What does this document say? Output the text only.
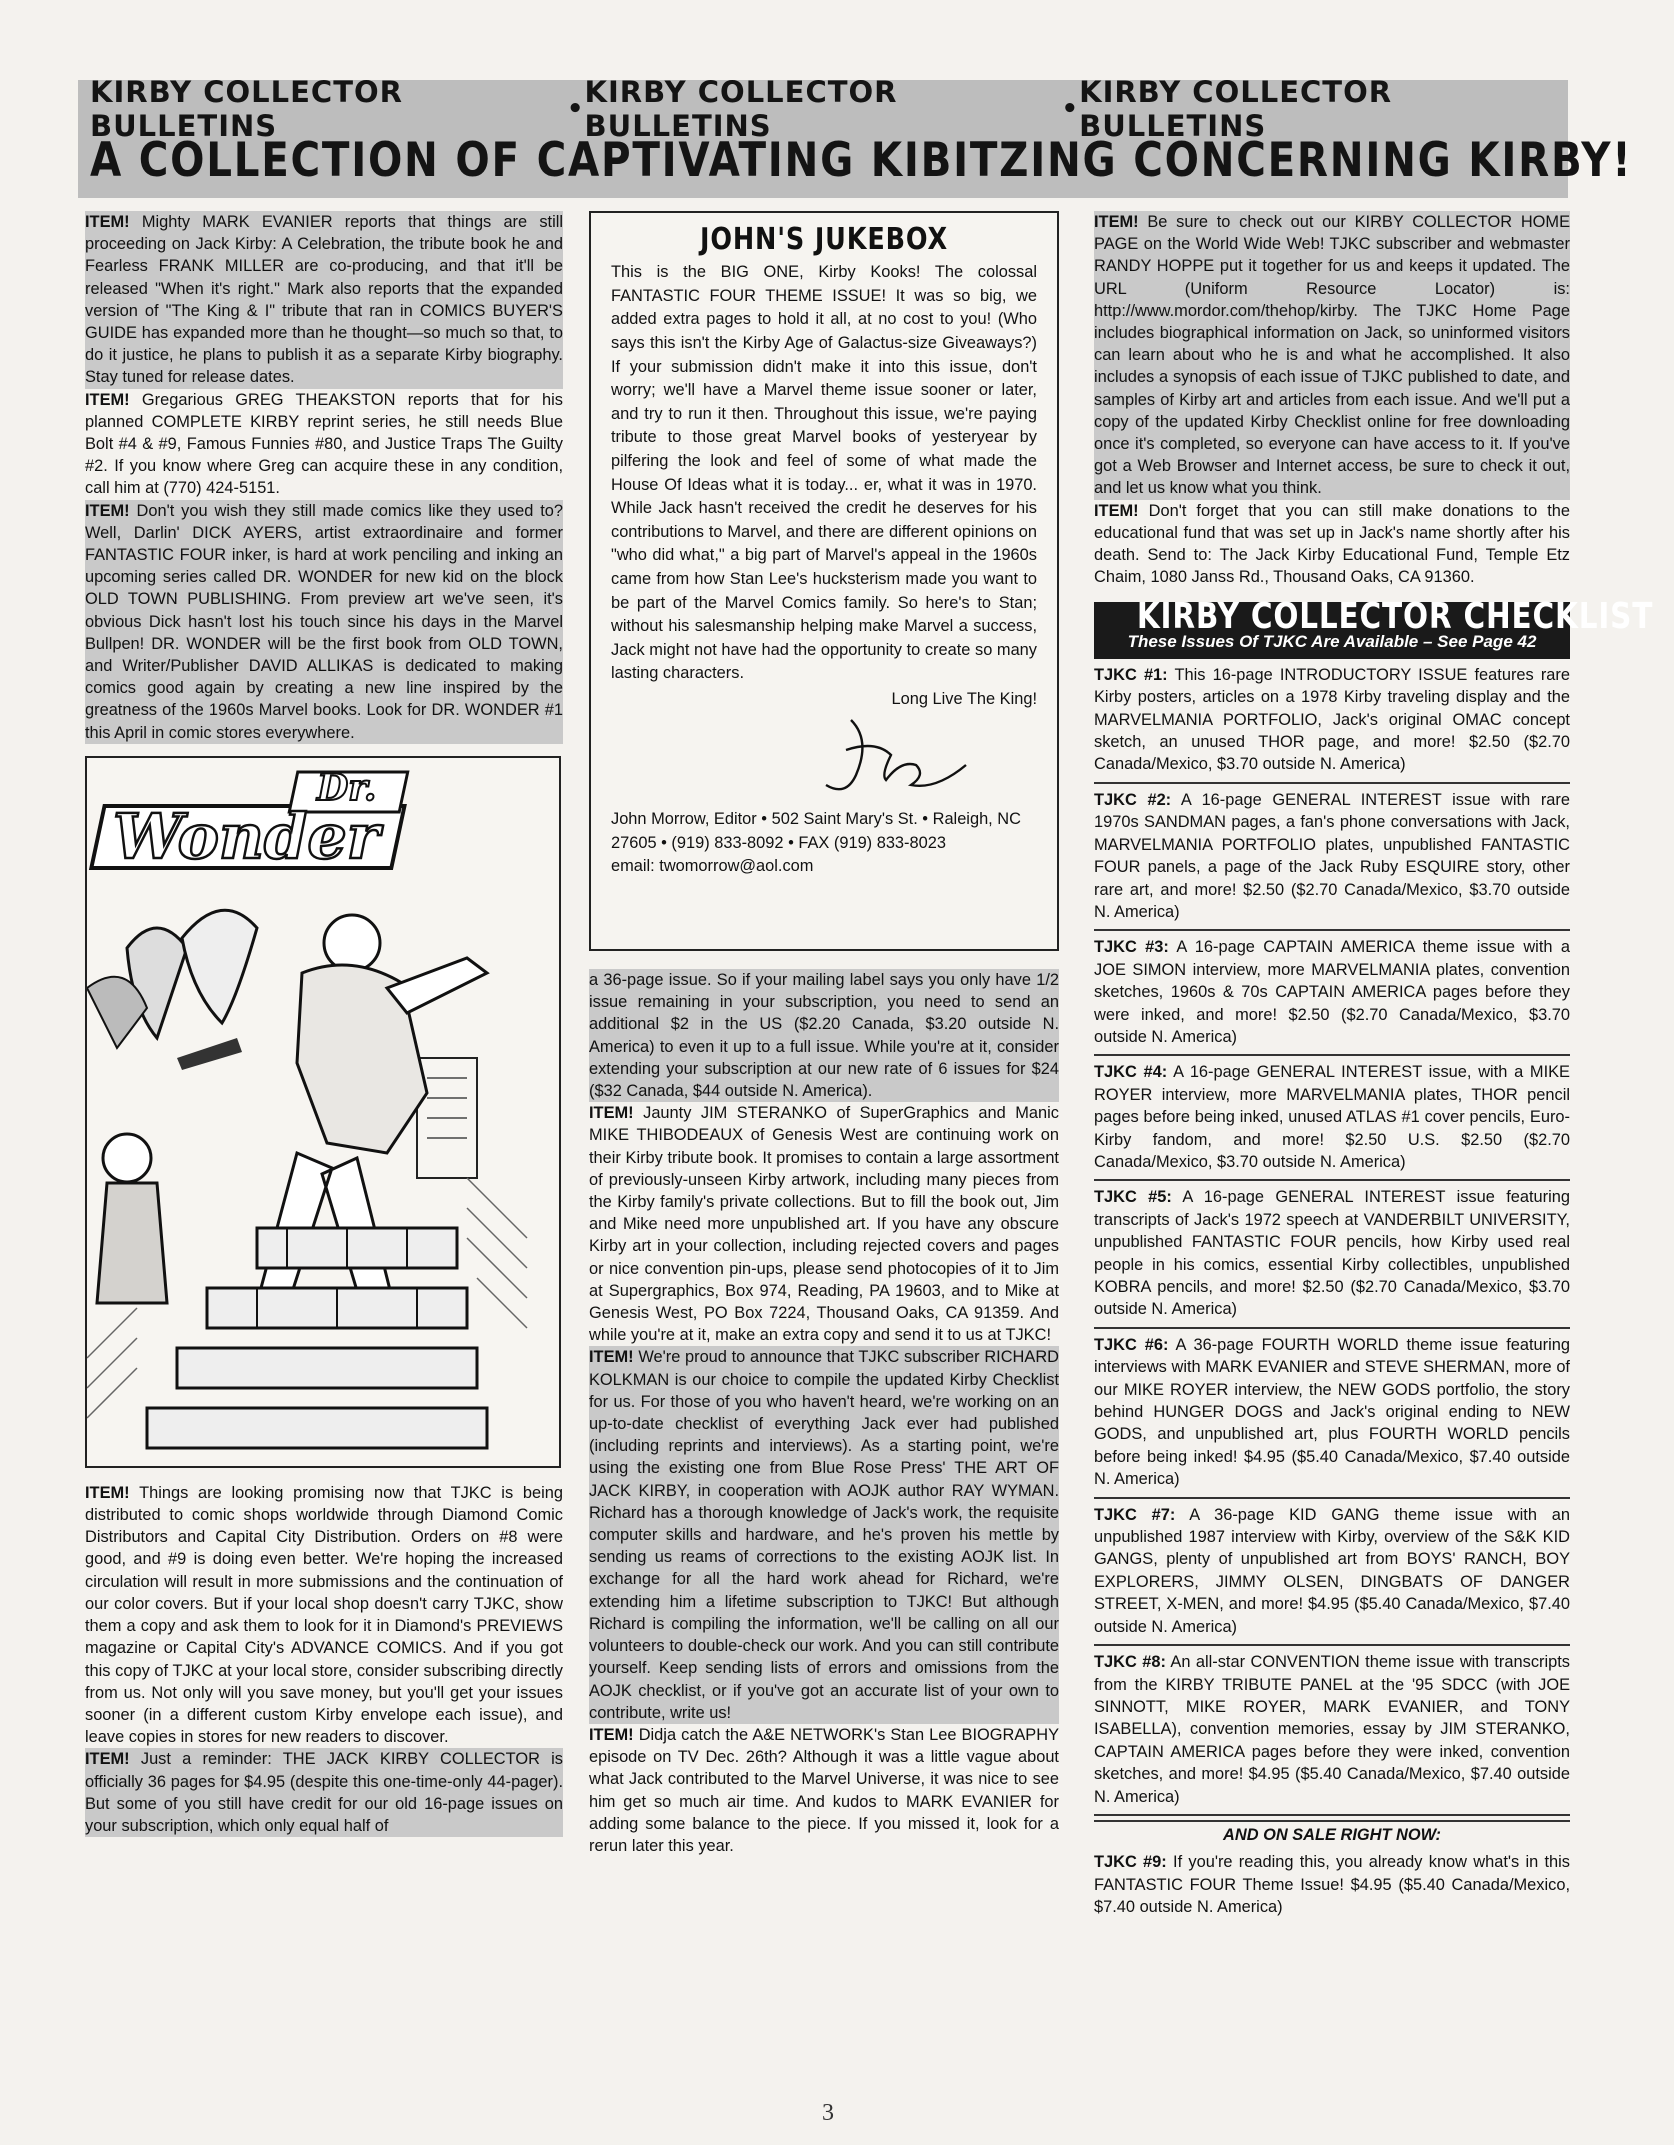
KIRBY COLLECTOR BULLETINS	• KIRBY COLLECTOR BULLETINS	• KIRBY COLLECTOR BULLETINS
A COLLECTION OF CAPTIVATING KIBITZING CONCERNING KIRBY!

ITEM! Mighty MARK EVANIER reports that things are still proceeding on Jack Kirby: A Celebration, the tribute book he and Fearless FRANK MILLER are co-producing, and that it'll be released "When it's right." Mark also reports that the expanded version of "The King & I" tribute that ran in COMICS BUYER'S GUIDE has expanded more than he thought—so much so that, to do it justice, he plans to publish it as a separate Kirby biography. Stay tuned for release dates.

ITEM! Gregarious GREG THEAKSTON reports that for his planned COMPLETE KIRBY reprint series, he still needs Blue Bolt #4 & #9, Famous Funnies #80, and Justice Traps The Guilty #2. If you know where Greg can acquire these in any condition, call him at (770) 424-5151.

ITEM! Don't you wish they still made comics like they used to? Well, Darlin' DICK AYERS, artist extraordinaire and former FANTASTIC FOUR inker, is hard at work penciling and inking an upcoming series called DR. WONDER for new kid on the block OLD TOWN PUBLISHING. From preview art we've seen, it's obvious Dick hasn't lost his touch since his days in the Marvel Bullpen! DR. WONDER will be the first book from OLD TOWN, and Writer/Publisher DAVID ALLIKAS is dedicated to making comics good again by creating a new line inspired by the greatness of the 1960s Marvel books. Look for DR. WONDER #1 this April in comic stores everywhere.

Dr.
Wonder

ITEM! Things are looking promising now that TJKC is being distributed to comic shops worldwide through Diamond Comic Distributors and Capital City Distribution. Orders on #8 were good, and #9 is doing even better. We're hoping the increased circulation will result in more submissions and the continuation of our color covers. But if your local shop doesn't carry TJKC, show them a copy and ask them to look for it in Diamond's PREVIEWS magazine or Capital City's ADVANCE COMICS. And if you got this copy of TJKC at your local store, consider subscribing directly from us. Not only will you save money, but you'll get your issues sooner (in a different custom Kirby envelope each issue), and leave copies in stores for new readers to discover.

ITEM! Just a reminder: THE JACK KIRBY COLLECTOR is officially 36 pages for $4.95 (despite this one-time-only 44-pager). But some of you still have credit for our old 16-page issues on your subscription, which only equal half of

JOHN'S JUKEBOX

This is the BIG ONE, Kirby Kooks! The colossal FANTASTIC FOUR THEME ISSUE! It was so big, we added extra pages to hold it all, at no cost to you! (Who says this isn't the Kirby Age of Galactus-size Giveaways?) If your submission didn't make it into this issue, don't worry; we'll have a Marvel theme issue sooner or later, and try to run it then. Throughout this issue, we're paying tribute to those great Marvel books of yesteryear by pilfering the look and feel of some of what made the House Of Ideas what it is today... er, what it was in 1970. While Jack hasn't received the credit he deserves for his contributions to Marvel, and there are different opinions on "who did what," a big part of Marvel's appeal in the 1960s came from how Stan Lee's hucksterism made you want to be part of the Marvel Comics family. So here's to Stan; without his salesmanship helping make Marvel a success, Jack might not have had the opportunity to create so many lasting characters.

Long Live The King!

John Morrow, Editor • 502 Saint Mary's St. • Raleigh, NC 27605 • (919) 833-8092 • FAX (919) 833-8023

email: twomorrow@aol.com

a 36-page issue. So if your mailing label says you only have 1/2 issue remaining in your subscription, you need to send an additional $2 in the US ($2.20 Canada, $3.20 outside N. America) to even it up to a full issue. While you're at it, consider extending your subscription at our new rate of 6 issues for $24 ($32 Canada, $44 outside N. America).

ITEM! Jaunty JIM STERANKO of SuperGraphics and Manic MIKE THIBODEAUX of Genesis West are continuing work on their Kirby tribute book. It promises to contain a large assortment of previously-unseen Kirby artwork, including many pieces from the Kirby family's private collections. But to fill the book out, Jim and Mike need more unpublished art. If you have any obscure Kirby art in your collection, including rejected covers and pages or nice convention pin-ups, please send photocopies of it to Jim at Supergraphics, Box 974, Reading, PA 19603, and to Mike at Genesis West, PO Box 7224, Thousand Oaks, CA 91359. And while you're at it, make an extra copy and send it to us at TJKC!

ITEM! We're proud to announce that TJKC subscriber RICHARD KOLKMAN is our choice to compile the updated Kirby Checklist for us. For those of you who haven't heard, we're working on an up-to-date checklist of everything Jack ever had published (including reprints and interviews). As a starting point, we're using the existing one from Blue Rose Press' THE ART OF JACK KIRBY, in cooperation with AOJK author RAY WYMAN. Richard has a thorough knowledge of Jack's work, the requisite computer skills and hardware, and he's proven his mettle by sending us reams of corrections to the existing AOJK list. In exchange for all the hard work ahead for Richard, we're extending him a lifetime subscription to TJKC! But although Richard is compiling the information, we'll be calling on all our volunteers to double-check our work. And you can still contribute yourself. Keep sending lists of errors and omissions from the AOJK checklist, or if you've got an accurate list of your own to contribute, write us!

ITEM! Didja catch the A&E NETWORK's Stan Lee BIOGRAPHY episode on TV Dec. 26th? Although it was a little vague about what Jack contributed to the Marvel Universe, it was nice to see him get so much air time. And kudos to MARK EVANIER for adding some balance to the piece. If you missed it, look for a rerun later this year.

ITEM! Be sure to check out our KIRBY COLLECTOR HOME PAGE on the World Wide Web! TJKC subscriber and webmaster RANDY HOPPE put it together for us and keeps it updated. The URL (Uniform Resource Locator) is: http://www.mordor.com/thehop/kirby. The TJKC Home Page includes biographical information on Jack, so uninformed visitors can learn about who he is and what he accomplished. It also includes a synopsis of each issue of TJKC published to date, and samples of Kirby art and articles from each issue. And we'll put a copy of the updated Kirby Checklist online for free downloading once it's completed, so everyone can have access to it. If you've got a Web Browser and Internet access, be sure to check it out, and let us know what you think.

ITEM! Don't forget that you can still make donations to the educational fund that was set up in Jack's name shortly after his death. Send to: The Jack Kirby Educational Fund, Temple Etz Chaim, 1080 Janss Rd., Thousand Oaks, CA 91360.

KIRBY COLLECTOR CHECKLIST
These Issues Of TJKC Are Available – See Page 42
TJKC #1: This 16-page INTRODUCTORY ISSUE features rare Kirby posters, articles on a 1978 Kirby traveling display and the MARVELMANIA PORTFOLIO, Jack's original OMAC concept sketch, an unused THOR page, and more! $2.50 ($2.70 Canada/Mexico, $3.70 outside N. America)
TJKC #2: A 16-page GENERAL INTEREST issue with rare 1970s SANDMAN pages, a fan's phone conversations with Jack, MARVELMANIA PORTFOLIO plates, unpublished FANTASTIC FOUR panels, a page of the Jack Ruby ESQUIRE story, other rare art, and more! $2.50 ($2.70 Canada/Mexico, $3.70 outside N. America)
TJKC #3: A 16-page CAPTAIN AMERICA theme issue with a JOE SIMON interview, more MARVELMANIA plates, convention sketches, 1960s & 70s CAPTAIN AMERICA pages before they were inked, and more! $2.50 ($2.70 Canada/Mexico, $3.70 outside N. America)
TJKC #4: A 16-page GENERAL INTEREST issue, with a MIKE ROYER interview, more MARVELMANIA plates, THOR pencil pages before being inked, unused ATLAS #1 cover pencils, Euro-Kirby fandom, and more! $2.50 U.S. $2.50 ($2.70 Canada/Mexico, $3.70 outside N. America)
TJKC #5: A 16-page GENERAL INTEREST issue featuring transcripts of Jack's 1972 speech at VANDERBILT UNIVERSITY, unpublished FANTASTIC FOUR pencils, how Kirby used real people in his comics, essential Kirby collectibles, unpublished KOBRA pencils, and more! $2.50 ($2.70 Canada/Mexico, $3.70 outside N. America)
TJKC #6: A 36-page FOURTH WORLD theme issue featuring interviews with MARK EVANIER and STEVE SHERMAN, more of our MIKE ROYER interview, the NEW GODS portfolio, the story behind HUNGER DOGS and Jack's original ending to NEW GODS, and unpublished art, plus FOURTH WORLD pencils before being inked! $4.95 ($5.40 Canada/Mexico, $7.40 outside N. America)
TJKC #7: A 36-page KID GANG theme issue with an unpublished 1987 interview with Kirby, overview of the S&K KID GANGS, plenty of unpublished art from BOYS' RANCH, BOY EXPLORERS, JIMMY OLSEN, DINGBATS OF DANGER STREET, X-MEN, and more! $4.95 ($5.40 Canada/Mexico, $7.40 outside N. America)
TJKC #8: An all-star CONVENTION theme issue with transcripts from the KIRBY TRIBUTE PANEL at the '95 SDCC (with JOE SINNOTT, MIKE ROYER, MARK EVANIER, and TONY ISABELLA), convention memories, essay by JIM STERANKO, CAPTAIN AMERICA pages before they were inked, convention sketches, and more! $4.95 ($5.40 Canada/Mexico, $7.40 outside N. America)
AND ON SALE RIGHT NOW:
TJKC #9: If you're reading this, you already know what's in this FANTASTIC FOUR Theme Issue! $4.95 ($5.40 Canada/Mexico, $7.40 outside N. America)
3
